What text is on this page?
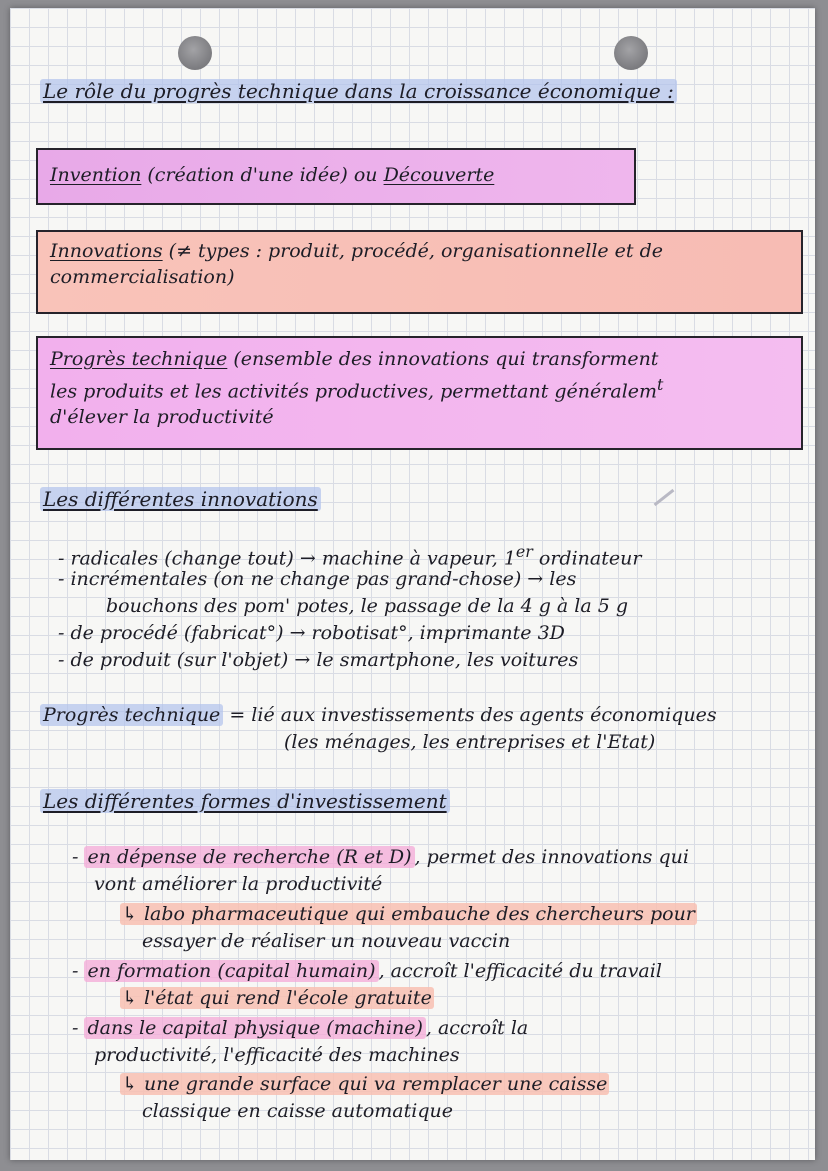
Le rôle du progrès technique dans la croissance économique :

Invention (création d'une idée) ou Découverte

Innovations (≠ types : produit, procédé, organisationnelle et de

commercialisation)

Progrès technique (ensemble des innovations qui transforment

les produits et les activités productives, permettant généralem$^t$

d'élever la productivité

Les différentes innovations

- radicales (change tout) → machine à vapeur, 1er ordinateur

- incrémentales (on ne change pas grand-chose) → les

bouchons des pom' potes, le passage de la 4 g à la 5 g

- de procédé (fabricat°) → robotisat°, imprimante 3D

- de produit (sur l'objet) → le smartphone, les voitures

Progrès technique = lié aux investissements des agents économiques

(les ménages, les entreprises et l'Etat)

Les différentes formes d'investissement

- en dépense de recherche (R et D) , permet des innovations qui

vont améliorer la productivité

↳ labo pharmaceutique qui embauche des chercheurs pour

essayer de réaliser un nouveau vaccin

- en formation (capital humain) , accroît l'efficacité du travail

↳ l'état qui rend l'école gratuite

- dans le capital physique (machine) , accroît la

productivité, l'efficacité des machines

↳ une grande surface qui va remplacer une caisse

classique en caisse automatique
